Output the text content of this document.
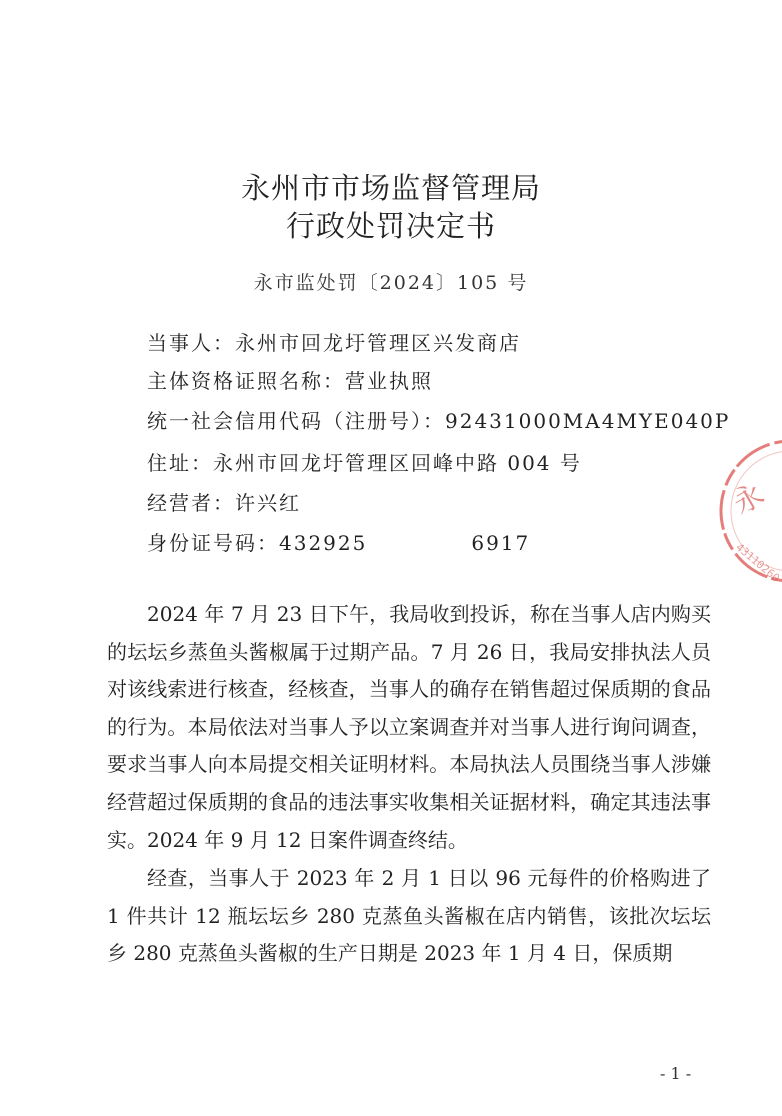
永州市市场监督管理局
行政处罚决定书
永市监处罚〔2024〕105 号
当事人：永州市回龙圩管理区兴发商店
主体资格证照名称：营业执照
统一社会信用代码（注册号）：92431000MA4MYE040P
住址：永州市回龙圩管理区回峰中路 004 号
经营者：许兴红
身份证号码：432925	6917

2024 年 7 月 23 日下午，我局收到投诉，称在当事人店内购买的坛坛乡蒸鱼头酱椒属于过期产品。7 月 26 日，我局安排执法人员对该线索进行核查，经核查，当事人的确存在销售超过保质期的食品的行为。本局依法对当事人予以立案调查并对当事人进行询问调查，要求当事人向本局提交相关证明材料。本局执法人员围绕当事人涉嫌经营超过保质期的食品的违法事实收集相关证据材料，确定其违法事实。2024 年 9 月 12 日案件调查终结。

经查，当事人于 2023 年 2 月 1 日以 96 元每件的价格购进了 1 件共计 12 瓶坛坛乡 280 克蒸鱼头酱椒在店内销售，该批次坛坛乡 280 克蒸鱼头酱椒的生产日期是 2023 年 1 月 4 日，保质期

- 1 -
永
43110260
